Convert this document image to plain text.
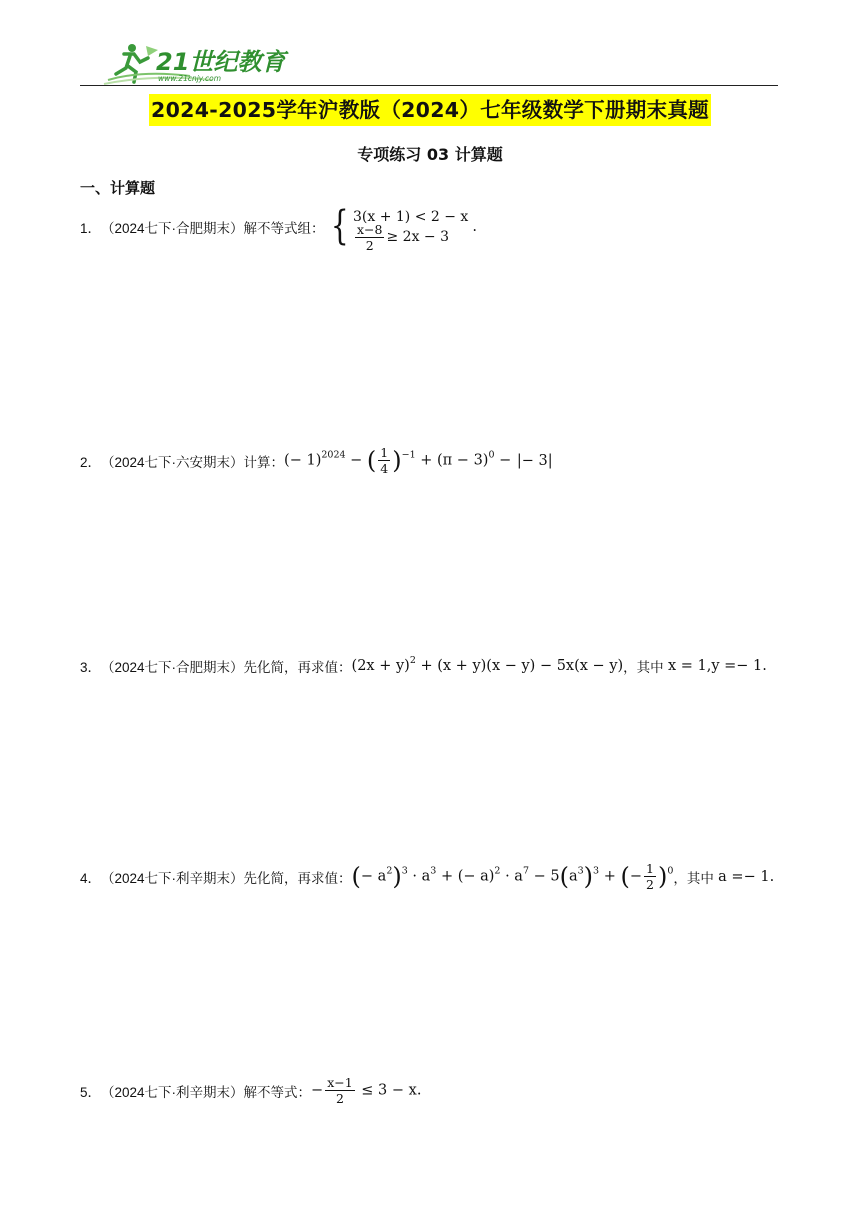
21世纪教育
www.21cnjy.com
2024-2025学年沪教版（2024）七年级数学下册期末真题
专项练习 03 计算题
一、计算题
1． （2024七下·合肥期末） 解不等式组： { 3(x + 1) < 2 − x
$\frac{x-8}{2} \ge 2x - 3$
.
2． （2024七下·六安期末） 计算： (− 1)$^{2024}$ − ( $\frac{1}{4} )^{-1} + (\pi - 3)^0$ − |− 3|
3． （2024七下·合肥期末） 先化简，再求值： $(2x + y)^2 + (x + y)(x - y) - 5x(x - y)$ ，其中 x = 1,y =− 1 .
4． （2024七下·利辛期末） 先化简，再求值： (− $a^2)^3 \cdot a^3$ + (− $a)^2 \cdot a^7 - 5(a^3)^3$ + (− $\frac{1}{2} )^0$ ，其中 a =− 1 .
5． （2024七下·利辛期末） 解不等式： − $\frac{x-1}{2} \le 3 - x$.
